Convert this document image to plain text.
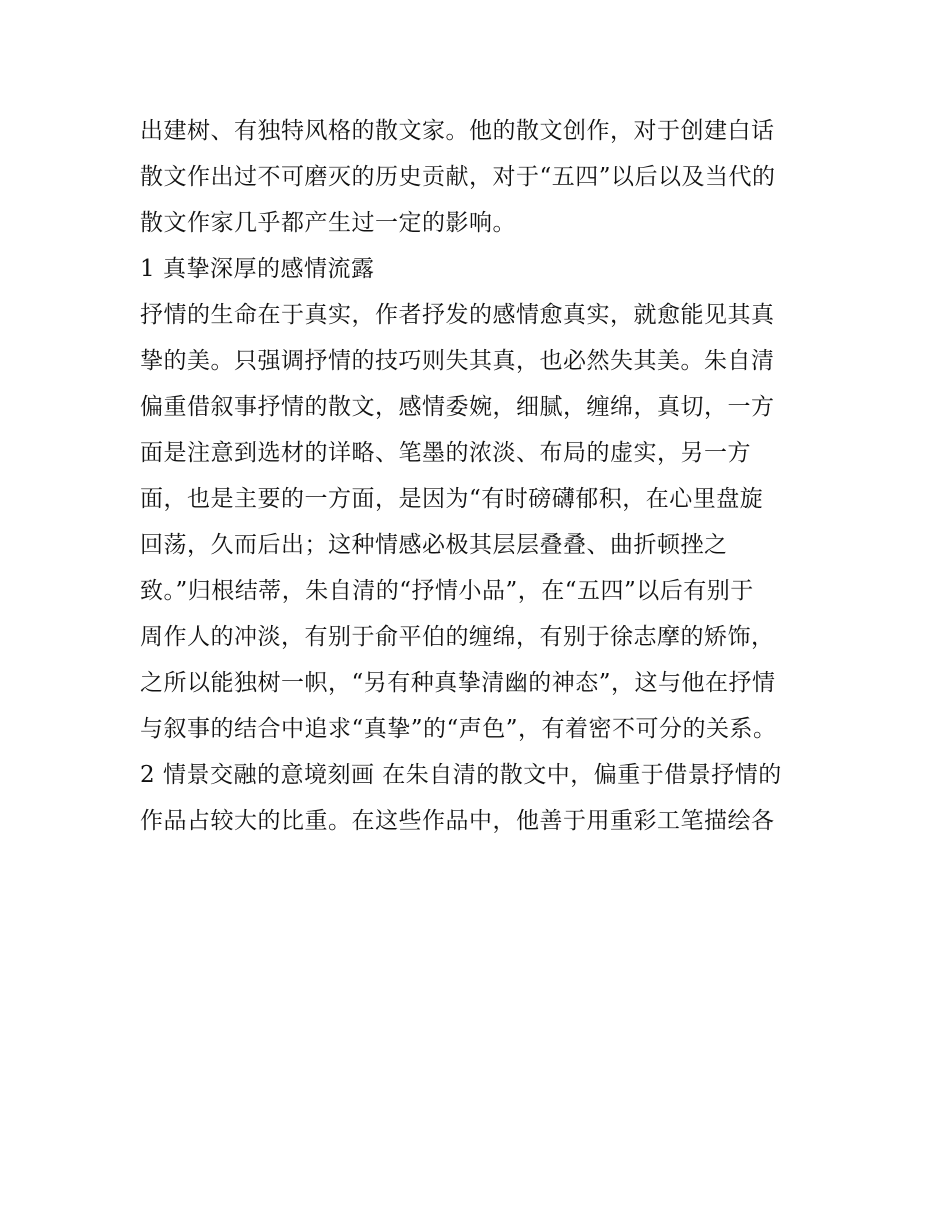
出建树、有独特风格的散文家。他的散文创作，对于创建白话
散文作出过不可磨灭的历史贡献，对于“五四”以后以及当代的
散文作家几乎都产生过一定的影响。
1 真挚深厚的感情流露
抒情的生命在于真实，作者抒发的感情愈真实，就愈能见其真
挚的美。只强调抒情的技巧则失其真，也必然失其美。朱自清
偏重借叙事抒情的散文，感情委婉，细腻，缠绵，真切，一方
面是注意到选材的详略、笔墨的浓淡、布局的虚实，另一方
面，也是主要的一方面，是因为“有时磅礴郁积，在心里盘旋
回荡，久而后出；这种情感必极其层层叠叠、曲折顿挫之
致。”归根结蒂，朱自清的“抒情小品”，在“五四”以后有别于
周作人的冲淡，有别于俞平伯的缠绵，有别于徐志摩的矫饰，
之所以能独树一帜，“另有种真挚清幽的神态”，这与他在抒情
与叙事的结合中追求“真挚”的“声色”，有着密不可分的关系。
2 情景交融的意境刻画 在朱自清的散文中，偏重于借景抒情的
作品占较大的比重。在这些作品中，他善于用重彩工笔描绘各
